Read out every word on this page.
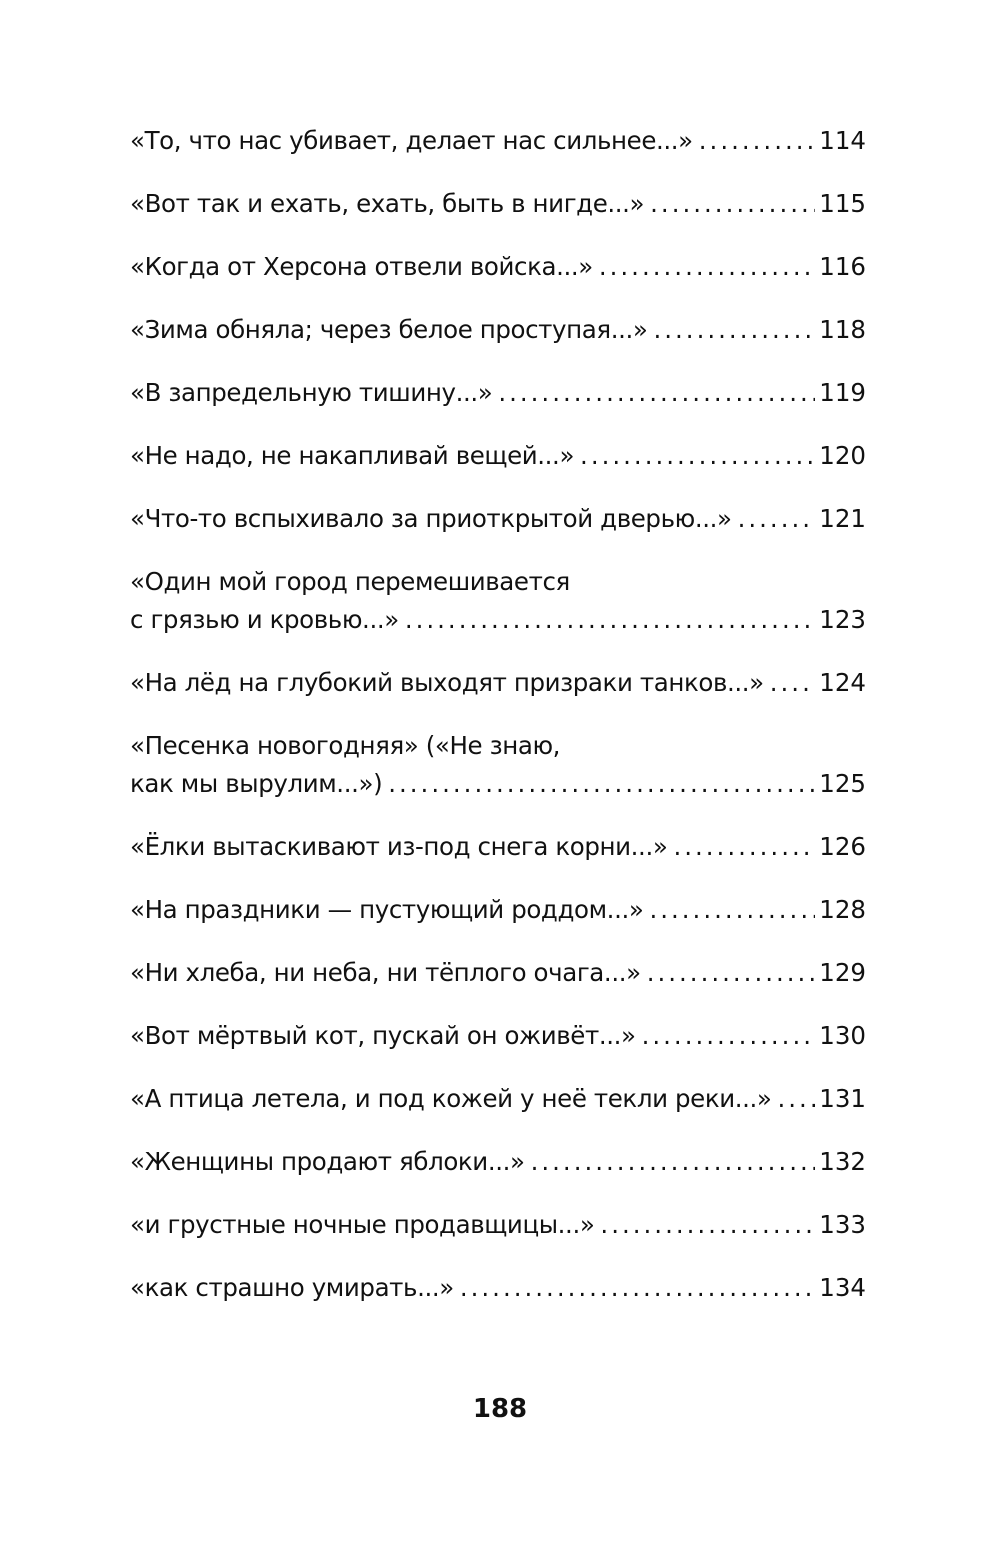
«То, что нас убивает, делает нас сильнее...» . . .	114
«Вот так и ехать, ехать, быть в нигде...» . . .	115
«Когда от Херсона отвели войска...» . . .	116
«Зима обняла; через белое проступая...» . . .	118
«В запредельную тишину...» . . .	119
«Не надо, не накапливай вещей...» . . .	120
«Что-то вспыхивало за приоткрытой дверью...» . . .	121
«Один мой город перемешивается
с грязью и кровью...» . . .	123
«На лёд на глубокий выходят призраки танков...» . . . 124
«Песенка новогодняя» («Не знаю,
как мы вырулим...») . . .	125
«Ёлки вытаскивают из-под снега корни...» . . .	126
«На праздники — пустующий роддом...» . . .	128
«Ни хлеба, ни неба, ни тёплого очага...» . . .	129
«Вот мёртвый кот, пускай он оживёт...» . . .	130
«А птица летела, и под кожей у неё текли реки...» . . . 131
«Женщины продают яблоки...» . . .	132
«и грустные ночные продавщицы...» . . .	133
«как страшно умирать...» . . .	134
188
